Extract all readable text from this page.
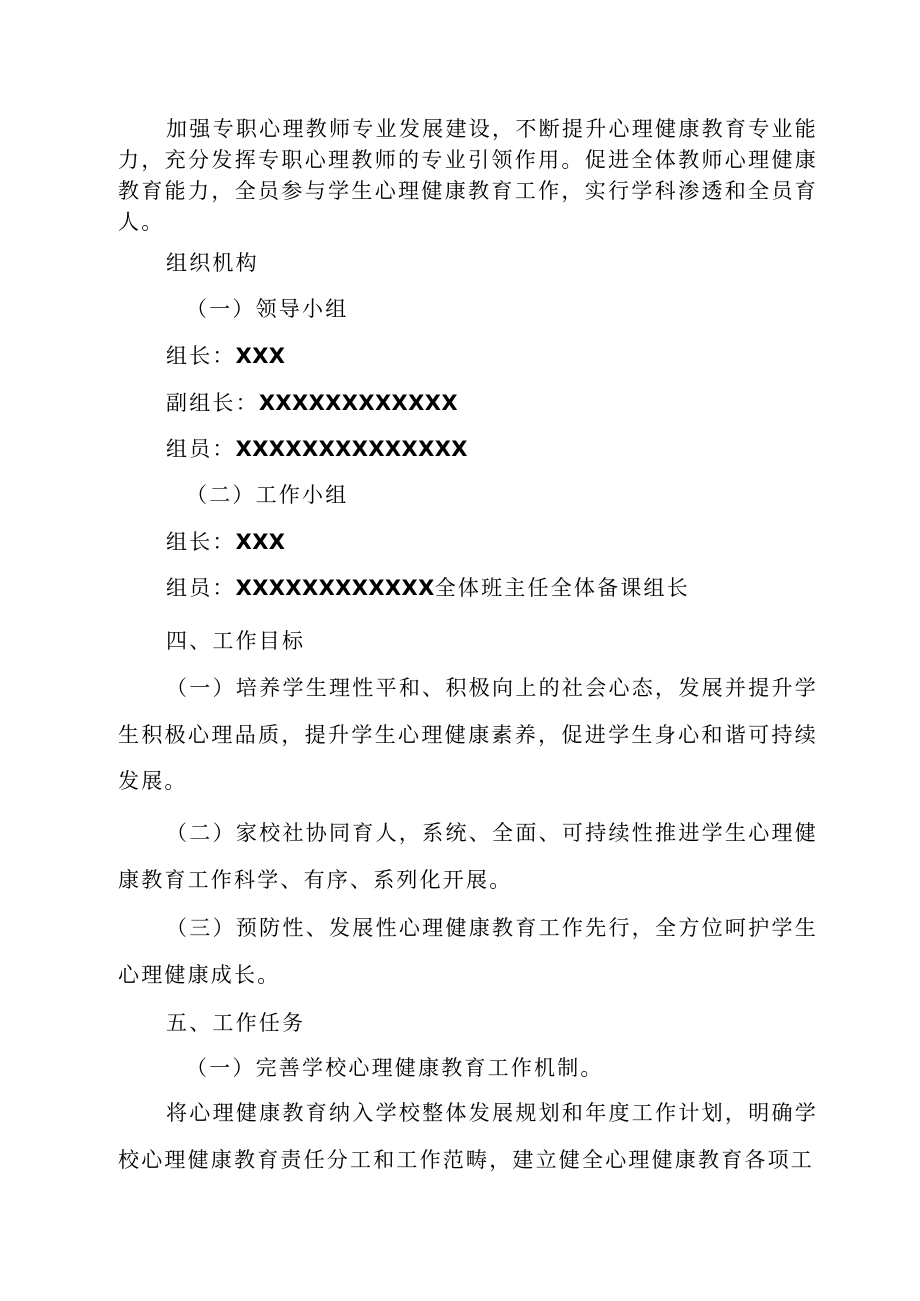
加强专职心理教师专业发展建设，不断提升心理健康教育专业能力，充分发挥专职心理教师的专业引领作用。促进全体教师心理健康教育能力，全员参与学生心理健康教育工作，实行学科渗透和全员育人。

组织机构

（一）领导小组

组长：XXX

副组长：XXXXXXXXXXXX

组员：XXXXXXXXXXXXXX

（二）工作小组

组长：XXX

组员：XXXXXXXXXXXX全体班主任全体备课组长

四、工作目标

（一）培养学生理性平和、积极向上的社会心态，发展并提升学生积极心理品质，提升学生心理健康素养，促进学生身心和谐可持续发展。

（二）家校社协同育人，系统、全面、可持续性推进学生心理健康教育工作科学、有序、系列化开展。

（三）预防性、发展性心理健康教育工作先行，全方位呵护学生心理健康成长。

五、工作任务

（一）完善学校心理健康教育工作机制。

将心理健康教育纳入学校整体发展规划和年度工作计划，明确学校心理健康教育责任分工和工作范畴，建立健全心理健康教育各项工
